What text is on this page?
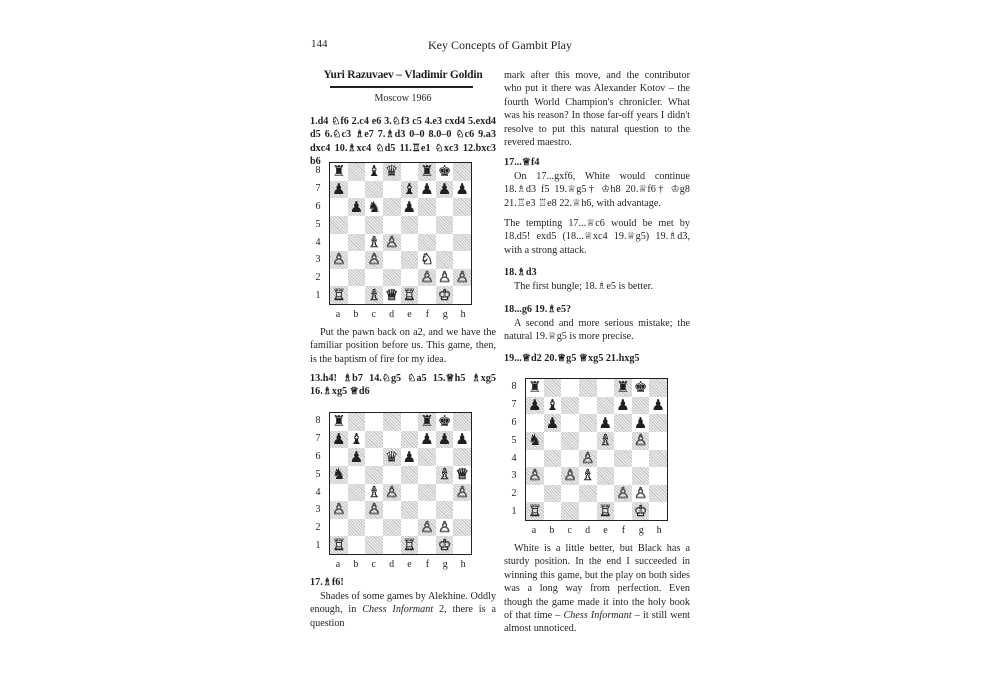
144	Key Concepts of Gambit Play
Yuri Razuvaev – Vladimir Goldin
Moscow 1966
1.d4 ♘f6 2.c4 e6 3.♘f3 c5 4.e3 cxd4 5.exd4 d5 6.♘c3 ♗e7 7.♗d3 0–0 8.0–0 ♘c6 9.a3 dxc4 10.♗xc4 ♘d5 11.♖e1 ♘xc3 12.bxc3 b6
Put the pawn back on a2, and we have the familiar position before us. This game, then, is the baptism of fire for my idea.
13.h4! ♗b7 14.♘g5 ♘a5 15.♕h5 ♗xg5 16.♗xg5 ♕d6
17.♗f6!
Shades of some games by Alekhine. Oddly enough, in Chess Informant 2, there is a question
mark after this move, and the contributor who put it there was Alexander Kotov – the fourth World Champion's chronicler. What was his reason? In those far-off years I didn't resolve to put this natural question to the revered maestro.
17...♕f4
On 17...gxf6, White would continue 18.♗d3 f5 19.♕g5† ♔h8 20.♕f6† ♔g8 21.♖e3 ♖e8 22.♕h6, with advantage.
The tempting 17...♕c6 would be met by 18.d5! exd5 (18...♕xc4 19.♕g5) 19.♗d3, with a strong attack.
18.♗d3
The first bungle; 18.♗e5 is better.
18...g6 19.♗e5?
A second and more serious mistake; the natural 19.♕g5 is more precise.
19...♕d2 20.♕g5 ♕xg5 21.hxg5
White is a little better, but Black has a sturdy position. In the end I succeeded in winning this game, but the play on both sides was a long way from perfection. Even though the game made it into the holy book of that time – Chess Informant – it still went almost unnoticed.
♜ ♝ ♛ ♜ ♚
♟	♝ ♟ ♟ ♟
♟ ♞ ♟
♗ ♙
♙ ♙	♘
♙ ♙ ♙
♖ ♗ ♕ ♖ ♔
8
7
6
5
4
3
2
1
a	b	c	d	e	f	g	h
♜	♜ ♚
♟ ♝	♟ ♟ ♟
♟ ♛ ♟
♞	♗ ♕
♗ ♙	♙
♙ ♙
♙ ♙
♖	♖ ♔
8
7
6
5
4
3
2
1
a	b	c	d	e	f	g	h
♜	♜ ♚
♟ ♝	♟ ♟
♟	♟ ♟
♞	♗ ♙
♙
♙ ♙ ♗
♙ ♙
♖	♖ ♔
8
7
6
5
4
3
2
1
a	b	c	d	e	f	g	h
